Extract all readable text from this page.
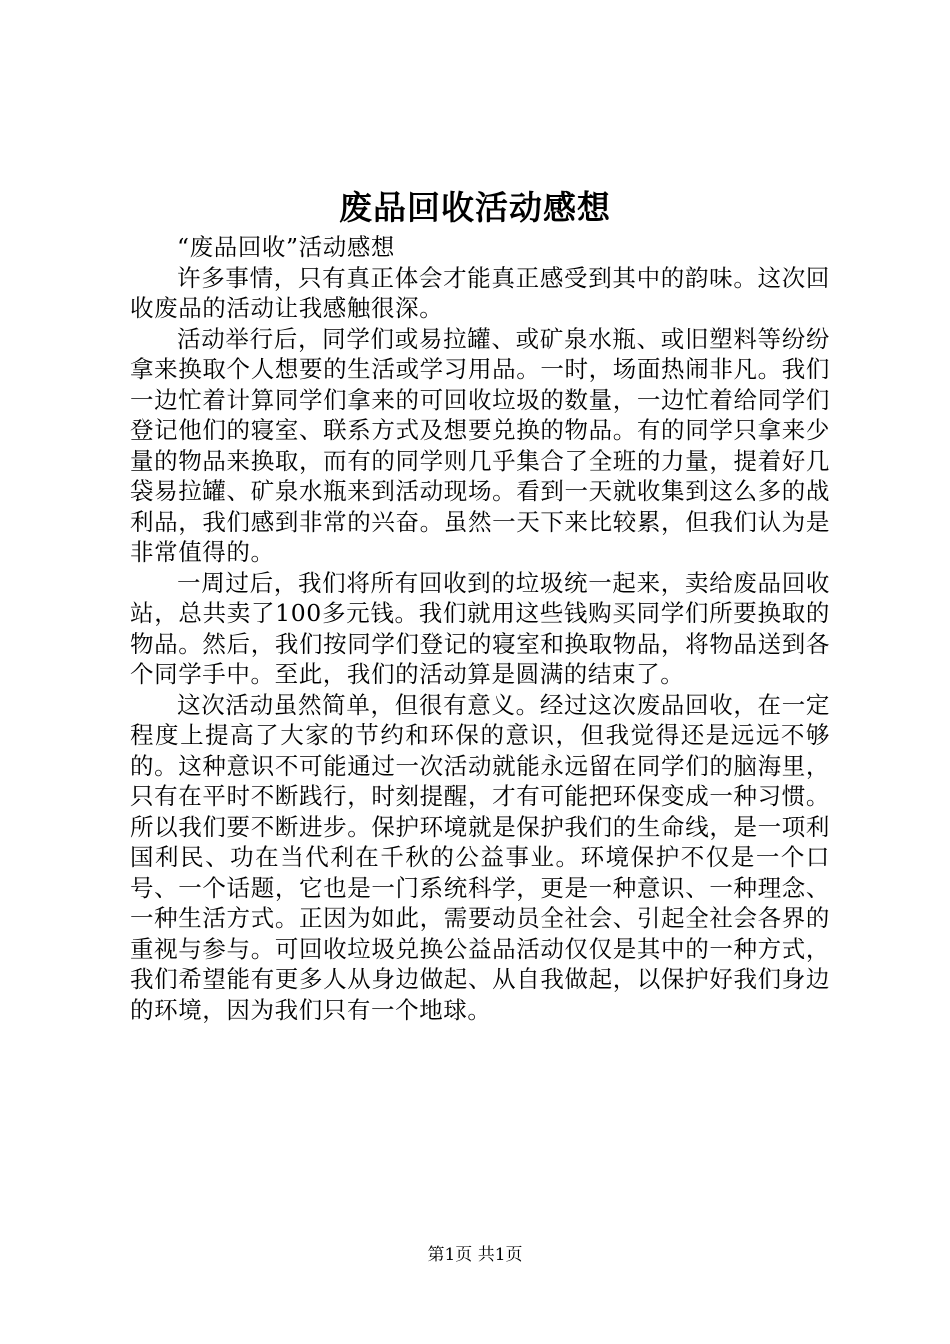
废品回收活动感想

“废品回收”活动感想

许多事情，只有真正体会才能真正感受到其中的韵味。这次回收废品的活动让我感触很深。

活动举行后，同学们或易拉罐、或矿泉水瓶、或旧塑料等纷纷拿来换取个人想要的生活或学习用品。一时，场面热闹非凡。我们一边忙着计算同学们拿来的可回收垃圾的数量，一边忙着给同学们登记他们的寝室、联系方式及想要兑换的物品。有的同学只拿来少量的物品来换取，而有的同学则几乎集合了全班的力量，提着好几袋易拉罐、矿泉水瓶来到活动现场。看到一天就收集到这么多的战利品，我们感到非常的兴奋。虽然一天下来比较累，但我们认为是非常值得的。

一周过后，我们将所有回收到的垃圾统一起来，卖给废品回收站，总共卖了100多元钱。我们就用这些钱购买同学们所要换取的物品。然后，我们按同学们登记的寝室和换取物品，将物品送到各个同学手中。至此，我们的活动算是圆满的结束了。

这次活动虽然简单，但很有意义。经过这次废品回收，在一定程度上提高了大家的节约和环保的意识，但我觉得还是远远不够的。这种意识不可能通过一次活动就能永远留在同学们的脑海里，只有在平时不断践行，时刻提醒，才有可能把环保变成一种习惯。所以我们要不断进步。保护环境就是保护我们的生命线，是一项利国利民、功在当代利在千秋的公益事业。环境保护不仅是一个口号、一个话题，它也是一门系统科学，更是一种意识、一种理念、一种生活方式。正因为如此，需要动员全社会、引起全社会各界的重视与参与。可回收垃圾兑换公益品活动仅仅是其中的一种方式，我们希望能有更多人从身边做起、从自我做起，以保护好我们身边的环境，因为我们只有一个地球。

第1页 共1页
